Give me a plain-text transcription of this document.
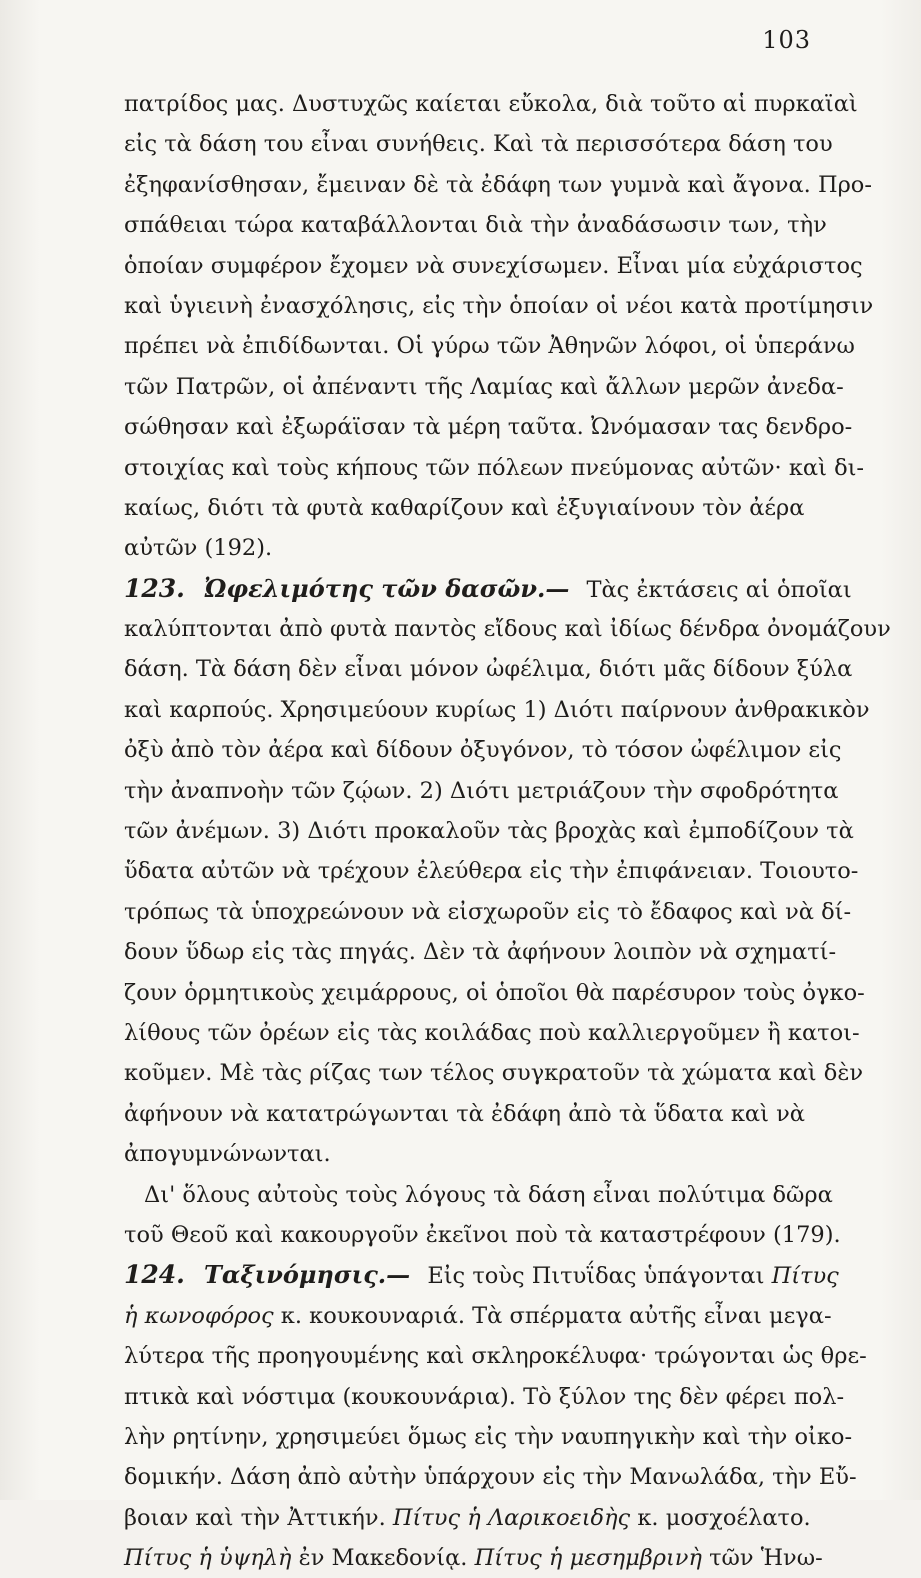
103
πατρίδος μας. Δυστυχῶς καίεται εὔκολα, διὰ τοῦτο αἱ πυρκαϊαὶ
εἰς τὰ δάση του εἶναι συνήθεις. Καὶ τὰ περισσότερα δάση του
ἐξηφανίσθησαν, ἔμειναν δὲ τὰ ἐδάφη των γυμνὰ καὶ ἄγονα. Προ-
σπάθειαι τώρα καταβάλλονται διὰ τὴν ἀναδάσωσιν των, τὴν
ὁποίαν συμφέρον ἔχομεν νὰ συνεχίσωμεν. Εἶναι μία εὐχάριστος
καὶ ὑγιεινὴ ἐνασχόλησις, εἰς τὴν ὁποίαν οἱ νέοι κατὰ προτίμησιν
πρέπει νὰ ἐπιδίδωνται. Οἱ γύρω τῶν Ἀθηνῶν λόφοι, οἱ ὑπεράνω
τῶν Πατρῶν, οἱ ἀπέναντι τῆς Λαμίας καὶ ἄλλων μερῶν ἀνεδα-
σώθησαν καὶ ἐξωράϊσαν τὰ μέρη ταῦτα. Ὠνόμασαν τας δενδρο-
στοιχίας καὶ τοὺς κήπους τῶν πόλεων πνεύμονας αὐτῶν· καὶ δι-
καίως, διότι τὰ φυτὰ καθαρίζουν καὶ ἐξυγιαίνουν τὸν ἀέρα
αὐτῶν (192).
123. Ὠφελιμότης τῶν δασῶν.— Τὰς ἐκτάσεις αἱ ὁποῖαι
καλύπτονται ἀπὸ φυτὰ παντὸς εἴδους καὶ ἰδίως δένδρα ὀνομάζουν
δάση. Τὰ δάση δὲν εἶναι μόνον ὠφέλιμα, διότι μᾶς δίδουν ξύλα
καὶ καρπούς. Χρησιμεύουν κυρίως 1) Διότι παίρνουν ἀνθρακικὸν
ὀξὺ ἀπὸ τὸν ἀέρα καὶ δίδουν ὀξυγόνον, τὸ τόσον ὠφέλιμον εἰς
τὴν ἀναπνοὴν τῶν ζῴων. 2) Διότι μετριάζουν τὴν σφοδρότητα
τῶν ἀνέμων. 3) Διότι προκαλοῦν τὰς βροχὰς καὶ ἐμποδίζουν τὰ
ὕδατα αὐτῶν νὰ τρέχουν ἐλεύθερα εἰς τὴν ἐπιφάνειαν. Τοιουτο-
τρόπως τὰ ὑποχρεώνουν νὰ εἰσχωροῦν εἰς τὸ ἔδαφος καὶ νὰ δί-
δουν ὕδωρ εἰς τὰς πηγάς. Δὲν τὰ ἀφήνουν λοιπὸν νὰ σχηματί-
ζουν ὁρμητικοὺς χειμάρρους, οἱ ὁποῖοι θὰ παρέσυρον τοὺς ὀγκο-
λίθους τῶν ὀρέων εἰς τὰς κοιλάδας ποὺ καλλιεργοῦμεν ἢ κατοι-
κοῦμεν. Μὲ τὰς ρίζας των τέλος συγκρατοῦν τὰ χώματα καὶ δὲν
ἀφήνουν νὰ κατατρώγωνται τὰ ἐδάφη ἀπὸ τὰ ὕδατα καὶ νὰ
ἀπογυμνώνωνται.
Δι' ὅλους αὐτοὺς τοὺς λόγους τὰ δάση εἶναι πολύτιμα δῶρα
τοῦ Θεοῦ καὶ κακουργοῦν ἐκεῖνοι ποὺ τὰ καταστρέφουν (179).
124. Ταξινόμησις.— Εἰς τοὺς Πιτυΐδας ὑπάγονται Πίτυς
ἡ κωνοφόρος κ. κουκουναριά. Τὰ σπέρματα αὐτῆς εἶναι μεγα-
λύτερα τῆς προηγουμένης καὶ σκληροκέλυφα· τρώγονται ὡς θρε-
πτικὰ καὶ νόστιμα (κουκουνάρια). Τὸ ξύλον της δὲν φέρει πολ-
λὴν ρητίνην, χρησιμεύει ὅμως εἰς τὴν ναυπηγικὴν καὶ τὴν οἰκο-
δομικήν. Δάση ἀπὸ αὐτὴν ὑπάρχουν εἰς τὴν Μανωλάδα, τὴν Εὔ-
βοιαν καὶ τὴν Ἀττικήν. Πίτυς ἡ Λαρικοειδὴς κ. μοσχοέλατο.
Πίτυς ἡ ὑψηλὴ ἐν Μακεδονίᾳ. Πίτυς ἡ μεσημβρινὴ τῶν Ἡνω-
